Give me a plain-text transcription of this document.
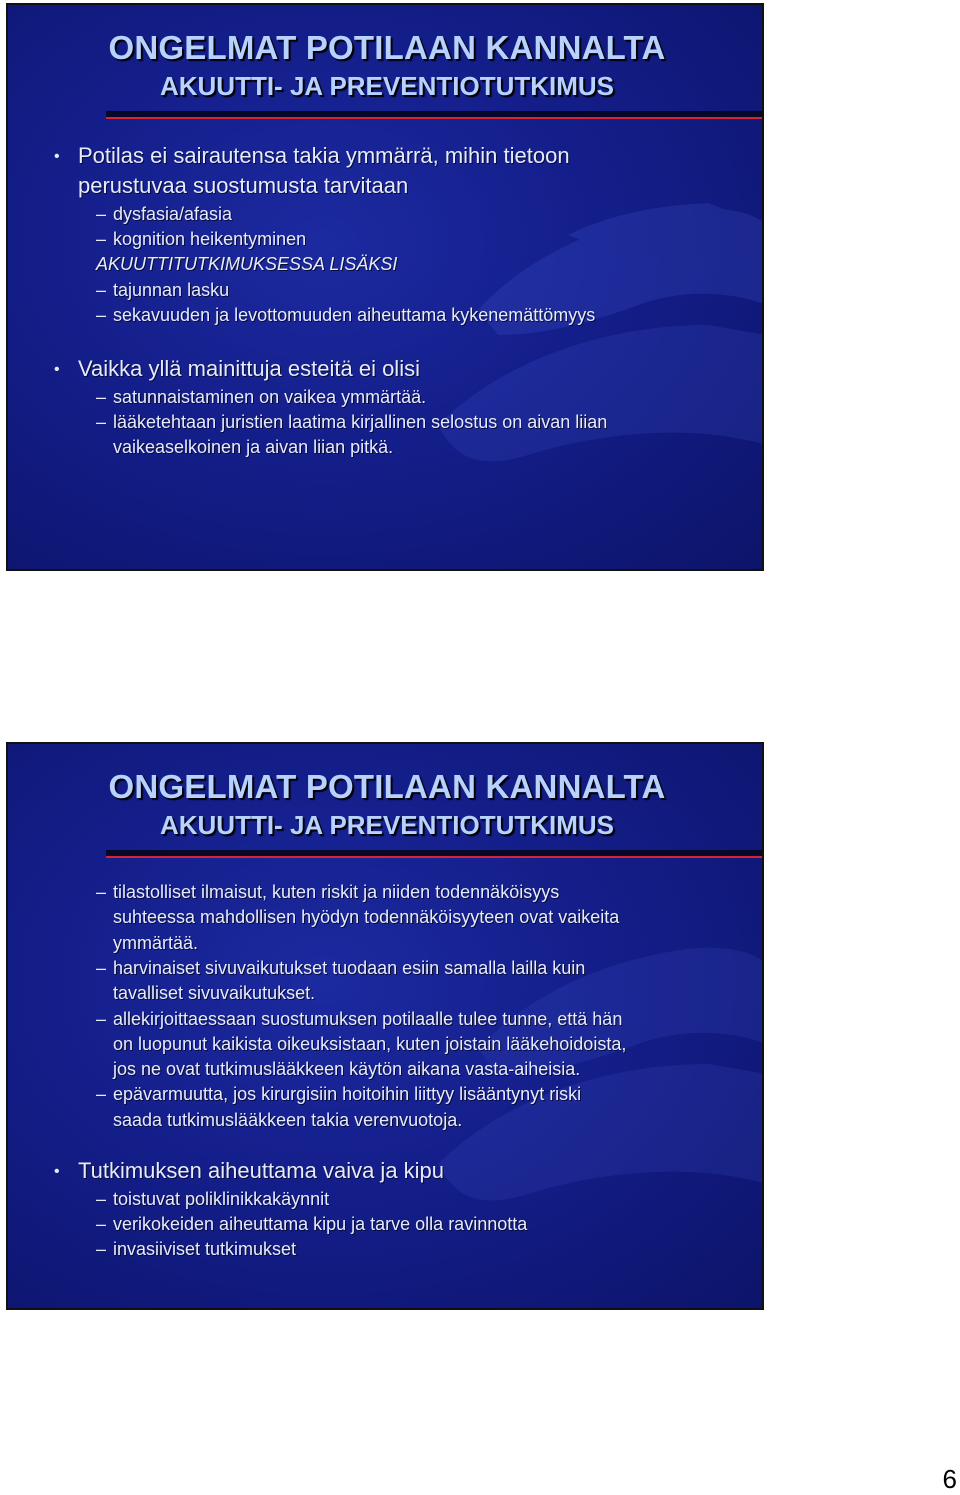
ONGELMAT POTILAAN KANNALTA
AKUUTTI- JA PREVENTIOTUTKIMUS
• Potilas ei sairautensa takia ymmärrä, mihin tietoon
perustuvaa suostumusta tarvitaan
– dysfasia/afasia
– kognition heikentyminen
AKUUTTITUTKIMUKSESSA LISÄKSI
– tajunnan lasku
– sekavuuden ja levottomuuden aiheuttama kykenemättömyys
• Vaikka yllä mainittuja esteitä ei olisi
– satunnaistaminen on vaikea ymmärtää.
– lääketehtaan juristien laatima kirjallinen selostus on aivan liian
vaikeaselkoinen ja aivan liian pitkä.
ONGELMAT POTILAAN KANNALTA
AKUUTTI- JA PREVENTIOTUTKIMUS
– tilastolliset ilmaisut, kuten riskit ja niiden todennäköisyys
suhteessa mahdollisen hyödyn todennäköisyyteen ovat vaikeita
ymmärtää.
– harvinaiset sivuvaikutukset tuodaan esiin samalla lailla kuin
tavalliset sivuvaikutukset.
– allekirjoittaessaan suostumuksen potilaalle tulee tunne, että hän
on luopunut kaikista oikeuksistaan, kuten joistain lääkehoidoista,
jos ne ovat tutkimuslääkkeen käytön aikana vasta-aiheisia.
– epävarmuutta, jos kirurgisiin hoitoihin liittyy lisääntynyt riski
saada tutkimuslääkkeen takia verenvuotoja.
• Tutkimuksen aiheuttama vaiva ja kipu
– toistuvat poliklinikkakäynnit
– verikokeiden aiheuttama kipu ja tarve olla ravinnotta
– invasiiviset tutkimukset
6
